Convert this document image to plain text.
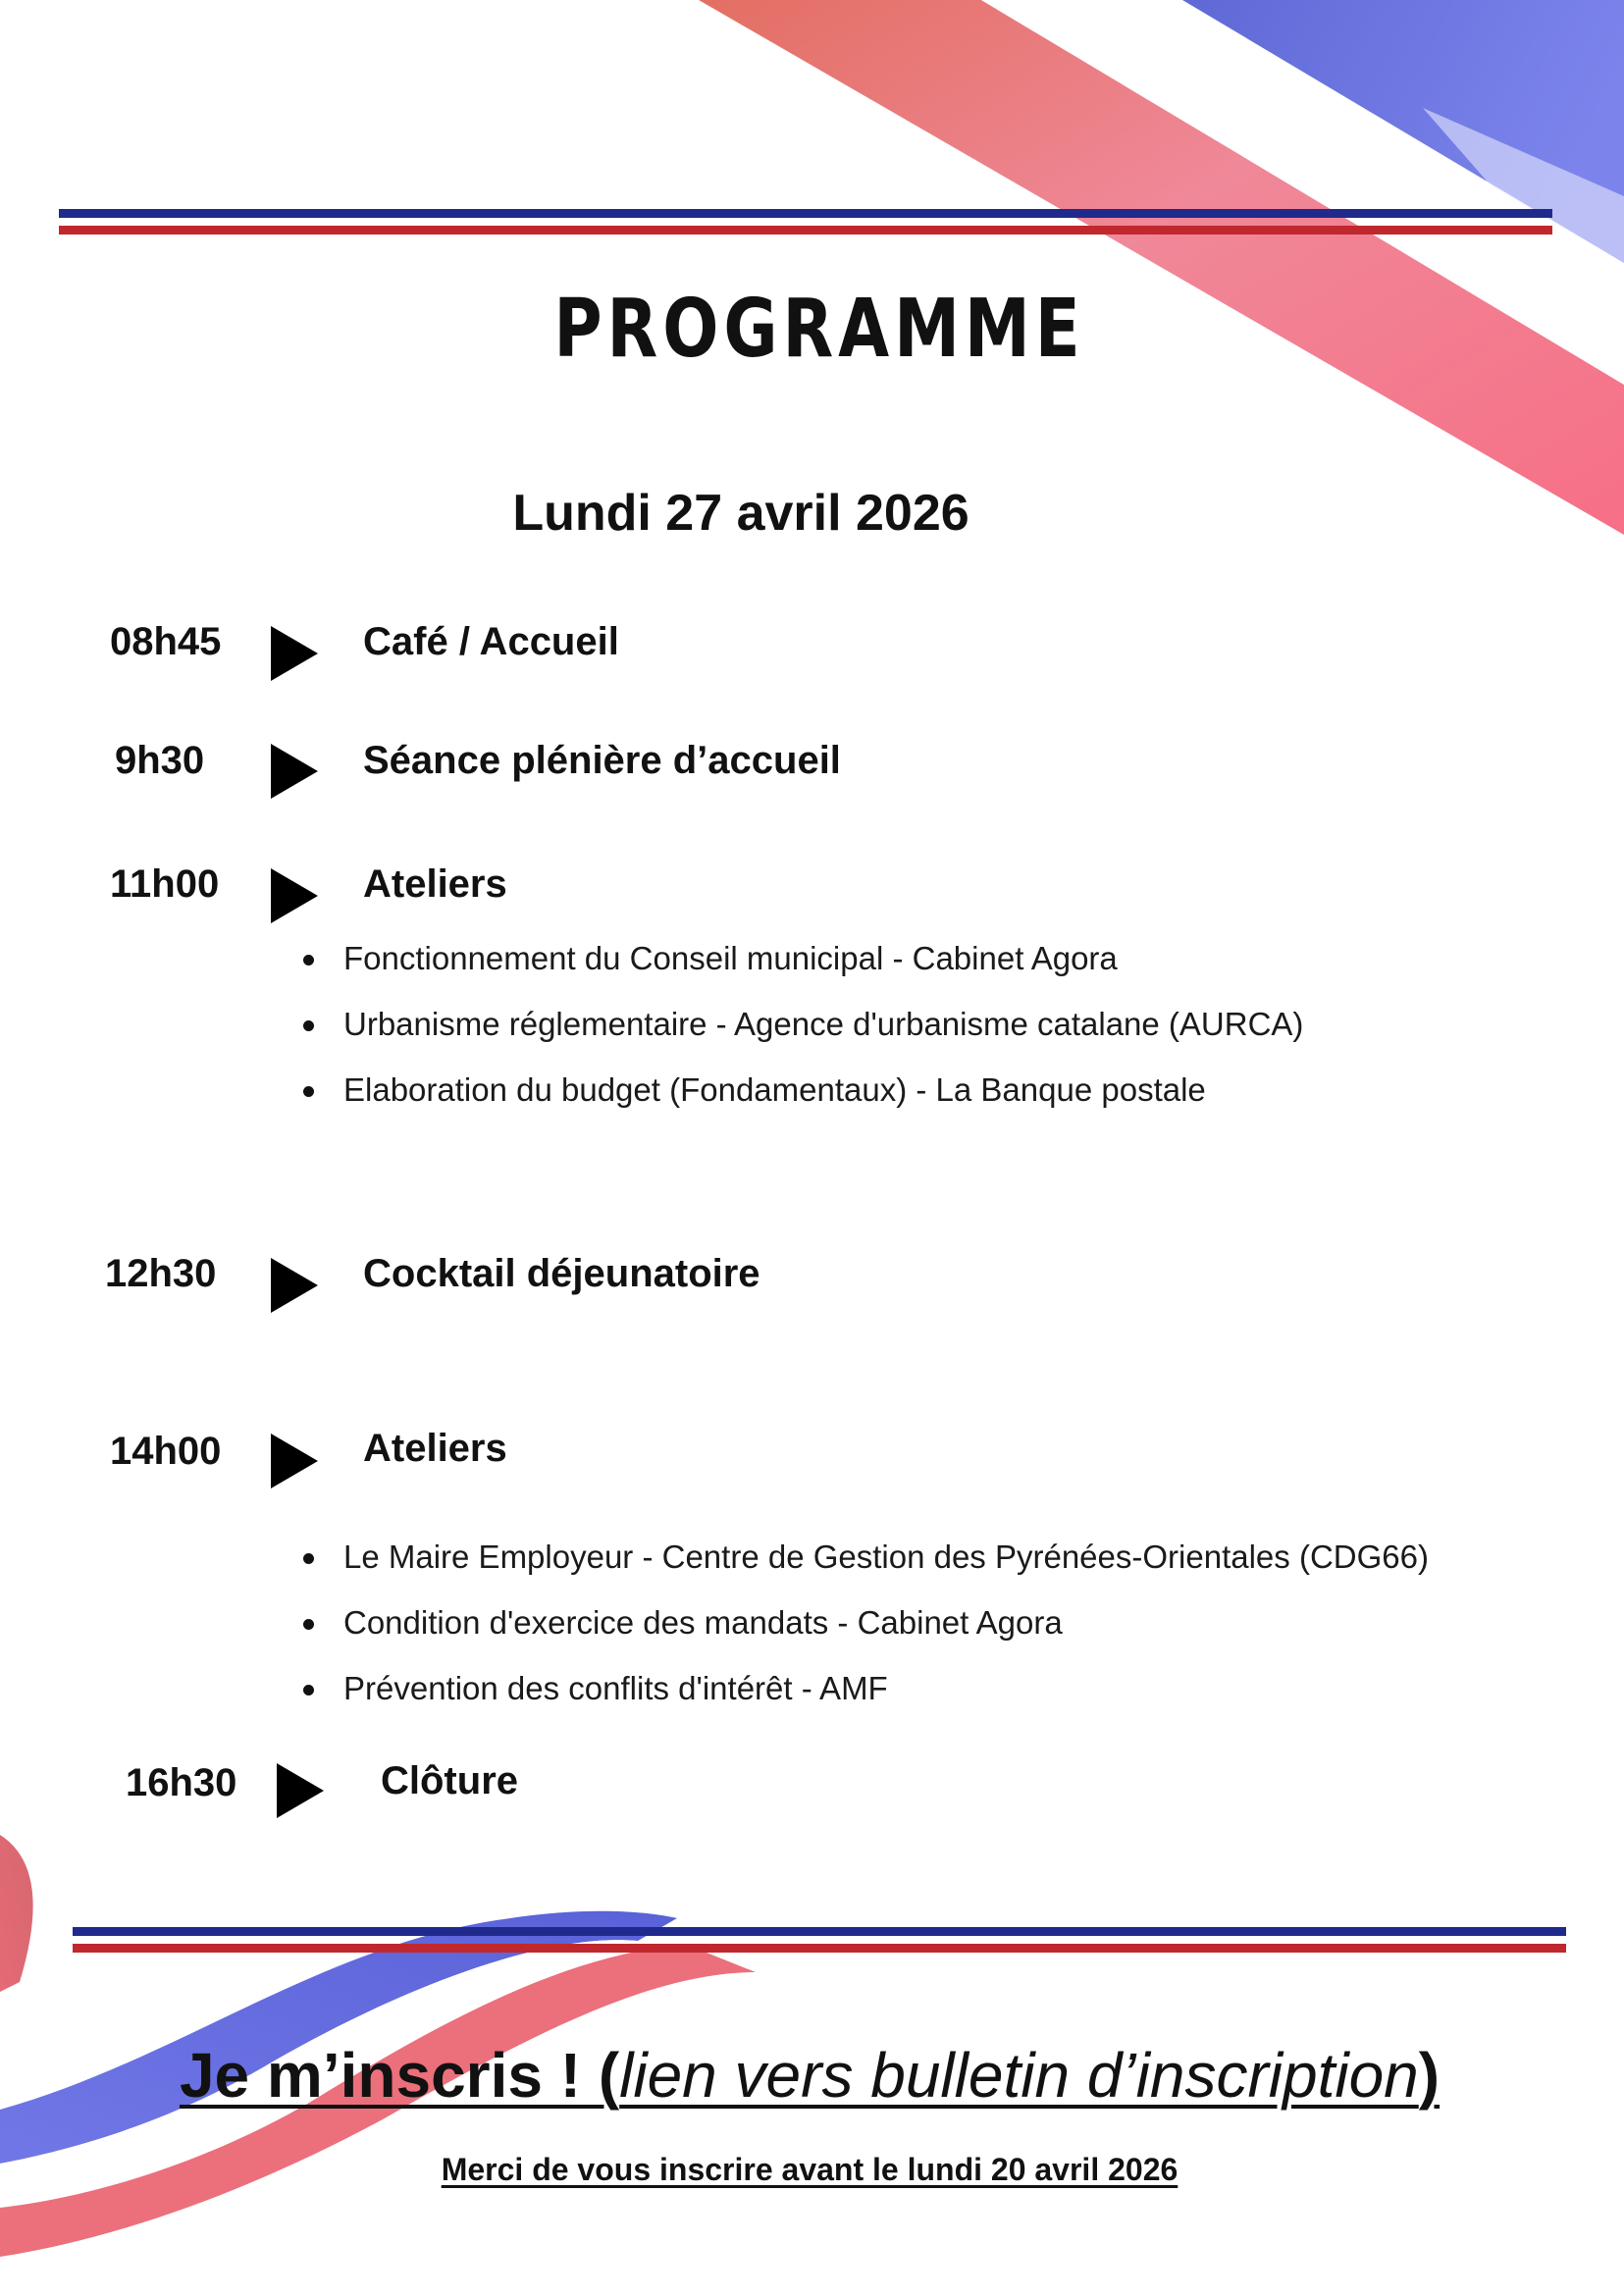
PROGRAMME
Lundi 27 avril 2026
08h45	Café / Accueil
9h30	Séance plénière d’accueil
11h00	Ateliers
Fonctionnement du Conseil municipal - Cabinet Agora
Urbanisme réglementaire - Agence d'urbanisme catalane (AURCA)
Elaboration du budget (Fondamentaux) - La Banque postale
12h30	Cocktail déjeunatoire
14h00	Ateliers
Le Maire Employeur - Centre de Gestion des Pyrénées-Orientales (CDG66)
Condition d'exercice des mandats - Cabinet Agora
Prévention des conflits d'intérêt - AMF
16h30	Clôture
Je m’inscris ! (lien vers bulletin d’inscription)
Merci de vous inscrire avant le lundi 20 avril 2026
